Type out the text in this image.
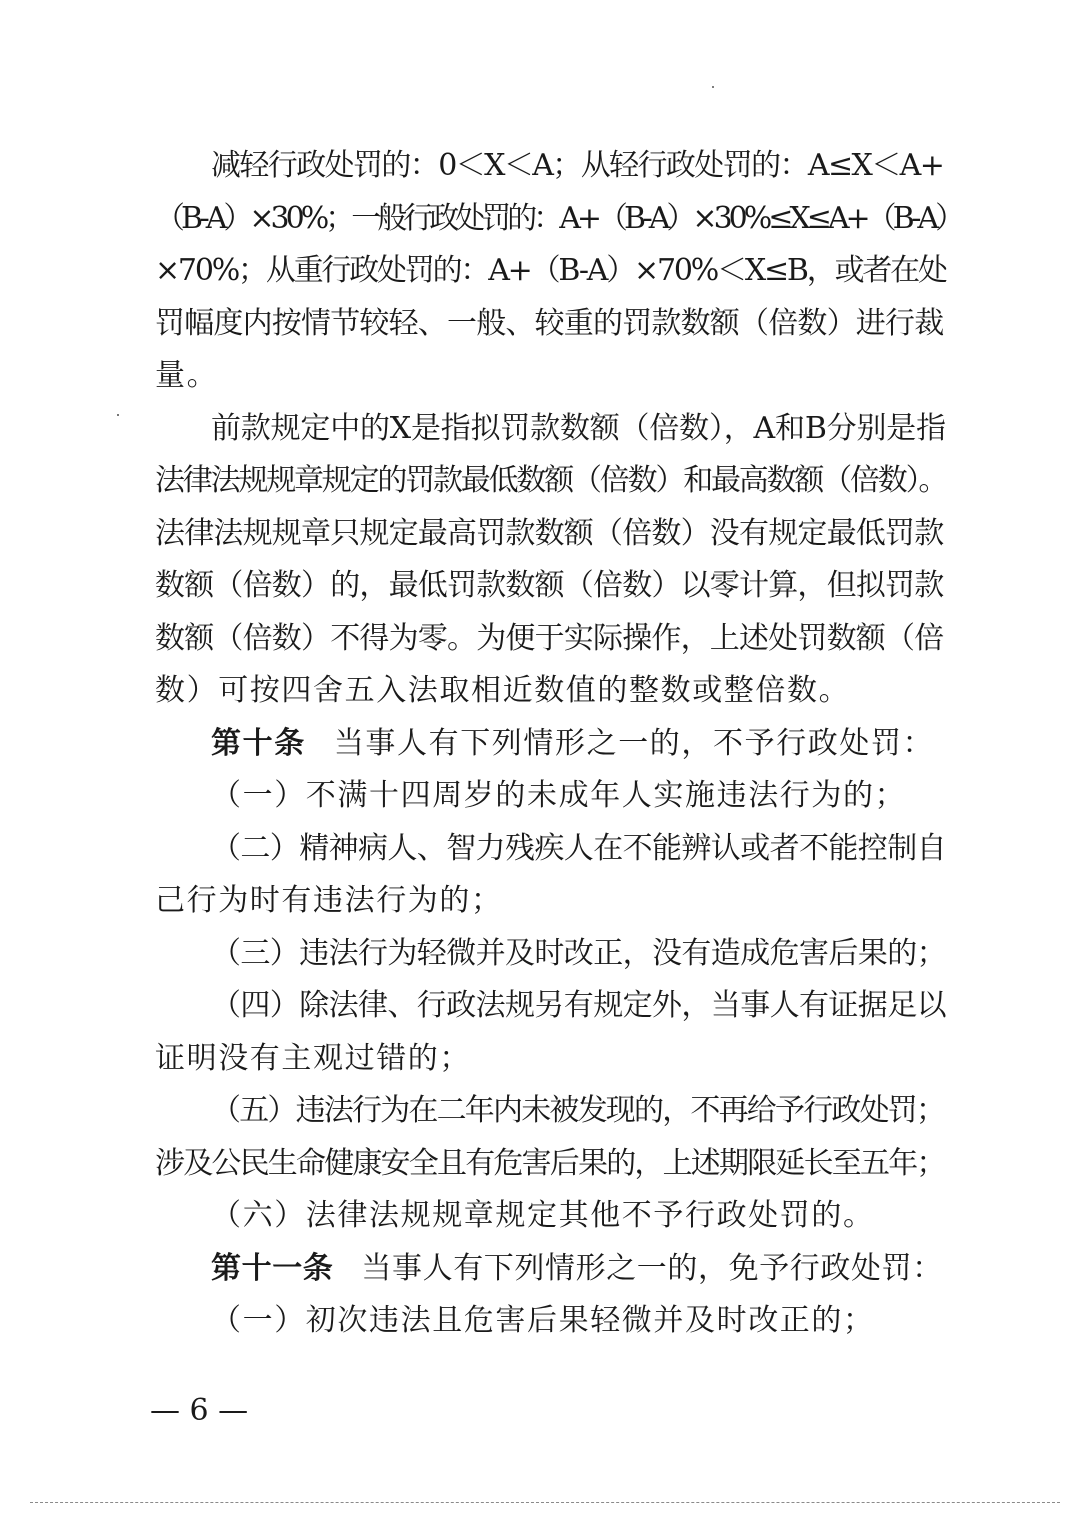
减轻行政处罚的：0＜X＜A；从轻行政处罚的：A≤X＜A+
（B-A）×30%；一般行政处罚的：A+（B-A）×30%≤X≤A+（B-A）
×70%；从重行政处罚的：A+（B-A）×70%＜X≤B，或者在处
罚幅度内按情节较轻、一般、较重的罚款数额（倍数）进行裁
量。
前款规定中的X是指拟罚款数额（倍数），A和B分别是指
法律法规规章规定的罚款最低数额（倍数）和最高数额（倍数）。
法律法规规章只规定最高罚款数额（倍数）没有规定最低罚款
数额（倍数）的，最低罚款数额（倍数）以零计算，但拟罚款
数额（倍数）不得为零。为便于实际操作，上述处罚数额（倍
数）可按四舍五入法取相近数值的整数或整倍数。
第十条 当事人有下列情形之一的，不予行政处罚：
（一）不满十四周岁的未成年人实施违法行为的；
（二）精神病人、智力残疾人在不能辨认或者不能控制自
己行为时有违法行为的；
（三）违法行为轻微并及时改正，没有造成危害后果的；
（四）除法律、行政法规另有规定外，当事人有证据足以
证明没有主观过错的；
（五）违法行为在二年内未被发现的，不再给予行政处罚；
涉及公民生命健康安全且有危害后果的，上述期限延长至五年；
（六）法律法规规章规定其他不予行政处罚的。
第十一条 当事人有下列情形之一的，免予行政处罚：
（一）初次违法且危害后果轻微并及时改正的；
— 6 —
